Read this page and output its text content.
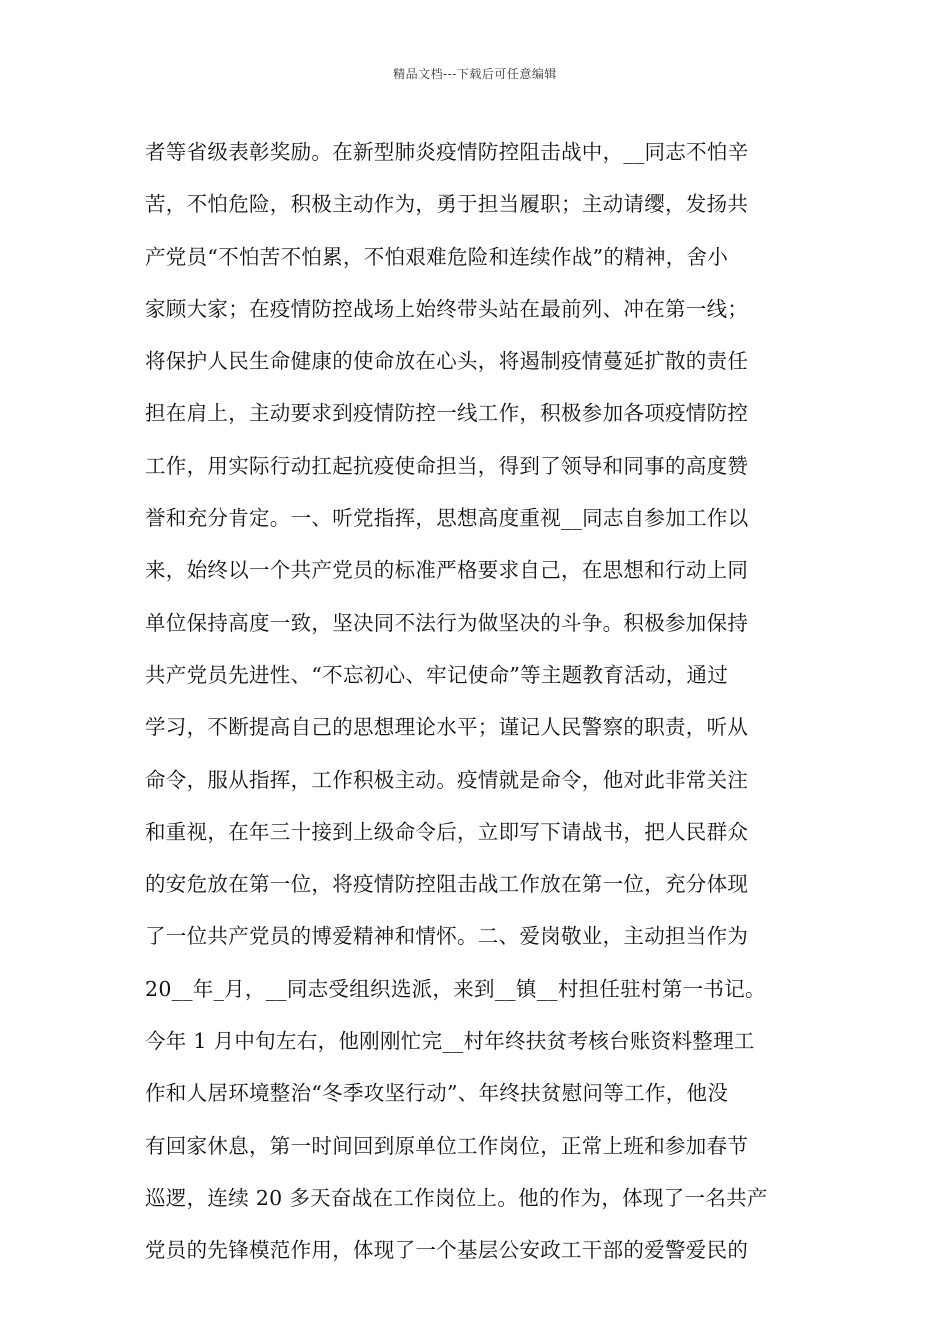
精品文档---下载后可任意编辑
者等省级表彰奖励。在新型肺炎疫情防控阻击战中，__同志不怕辛
苦，不怕危险，积极主动作为，勇于担当履职；主动请缨，发扬共
产党员“不怕苦不怕累，不怕艰难危险和连续作战”的精神，舍小
家顾大家；在疫情防控战场上始终带头站在最前列、冲在第一线；
将保护人民生命健康的使命放在心头，将遏制疫情蔓延扩散的责任
担在肩上，主动要求到疫情防控一线工作，积极参加各项疫情防控
工作，用实际行动扛起抗疫使命担当，得到了领导和同事的高度赞
誉和充分肯定。一、听党指挥，思想高度重视__同志自参加工作以
来，始终以一个共产党员的标准严格要求自己，在思想和行动上同
单位保持高度一致，坚决同不法行为做坚决的斗争。积极参加保持
共产党员先进性、“不忘初心、牢记使命”等主题教育活动，通过
学习，不断提高自己的思想理论水平；谨记人民警察的职责，听从
命令，服从指挥，工作积极主动。疫情就是命令，他对此非常关注
和重视，在年三十接到上级命令后，立即写下请战书，把人民群众
的安危放在第一位，将疫情防控阻击战工作放在第一位，充分体现
了一位共产党员的博爱精神和情怀。二、爱岗敬业，主动担当作为
20__年_月，__同志受组织选派，来到__镇__村担任驻村第一书记。
今年 1 月中旬左右，他刚刚忙完__村年终扶贫考核台账资料整理工
作和人居环境整治“冬季攻坚行动”、年终扶贫慰问等工作，他没
有回家休息，第一时间回到原单位工作岗位，正常上班和参加春节
巡逻，连续 20 多天奋战在工作岗位上。他的作为，体现了一名共产
党员的先锋模范作用，体现了一个基层公安政工干部的爱警爱民的
